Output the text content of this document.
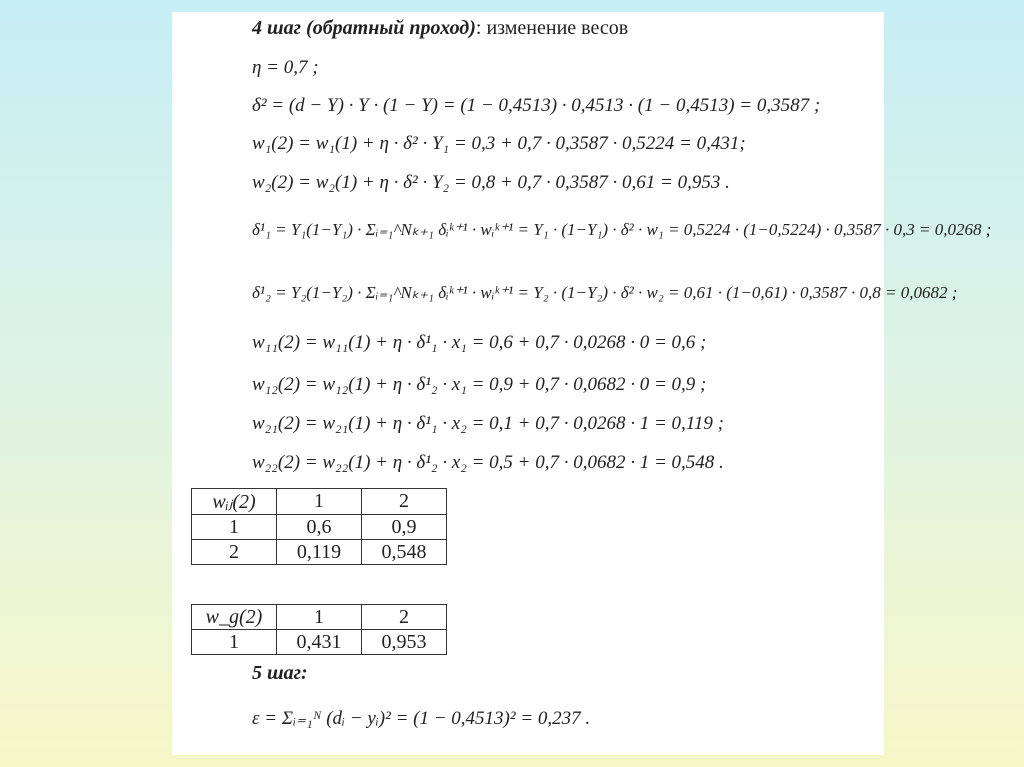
4 шаг (обратный проход): изменение весов
η = 0,7 ;
δ² = (d − Y) · Y · (1 − Y) = (1 − 0,4513) · 0,4513 · (1 − 0,4513) = 0,3587 ;
w₁(2) = w₁(1) + η · δ² · Y₁ = 0,3 + 0,7 · 0,3587 · 0,5224 = 0,431;
w₂(2) = w₂(1) + η · δ² · Y₂ = 0,8 + 0,7 · 0,3587 · 0,61 = 0,953 .
δ¹₁ = Y₁(1−Y₁) · Σᵢ₌₁^Nₖ₊₁ δᵢᵏ⁺¹ · wᵢᵏ⁺¹ = Y₁ · (1−Y₁) · δ² · w₁ = 0,5224 · (1−0,5224) · 0,3587 · 0,3 = 0,0268 ;
δ¹₂ = Y₂(1−Y₂) · Σᵢ₌₁^Nₖ₊₁ δᵢᵏ⁺¹ · wᵢᵏ⁺¹ = Y₂ · (1−Y₂) · δ² · w₂ = 0,61 · (1−0,61) · 0,3587 · 0,8 = 0,0682 ;
w₁₁(2) = w₁₁(1) + η · δ¹₁ · x₁ = 0,6 + 0,7 · 0,0268 · 0 = 0,6 ;
w₁₂(2) = w₁₂(1) + η · δ¹₂ · x₁ = 0,9 + 0,7 · 0,0682 · 0 = 0,9 ;
w₂₁(2) = w₂₁(1) + η · δ¹₁ · x₂ = 0,1 + 0,7 · 0,0268 · 1 = 0,119 ;
w₂₂(2) = w₂₂(1) + η · δ¹₂ · x₂ = 0,5 + 0,7 · 0,0682 · 1 = 0,548 .
wᵢⱼ(2)	1	2
1	0,6	0,9
2	0,119	0,548
w_g(2)	1	2
1	0,431	0,953
5 шаг:
ε = Σᵢ₌₁ᴺ (dᵢ − yᵢ)² = (1 − 0,4513)² = 0,237 .
